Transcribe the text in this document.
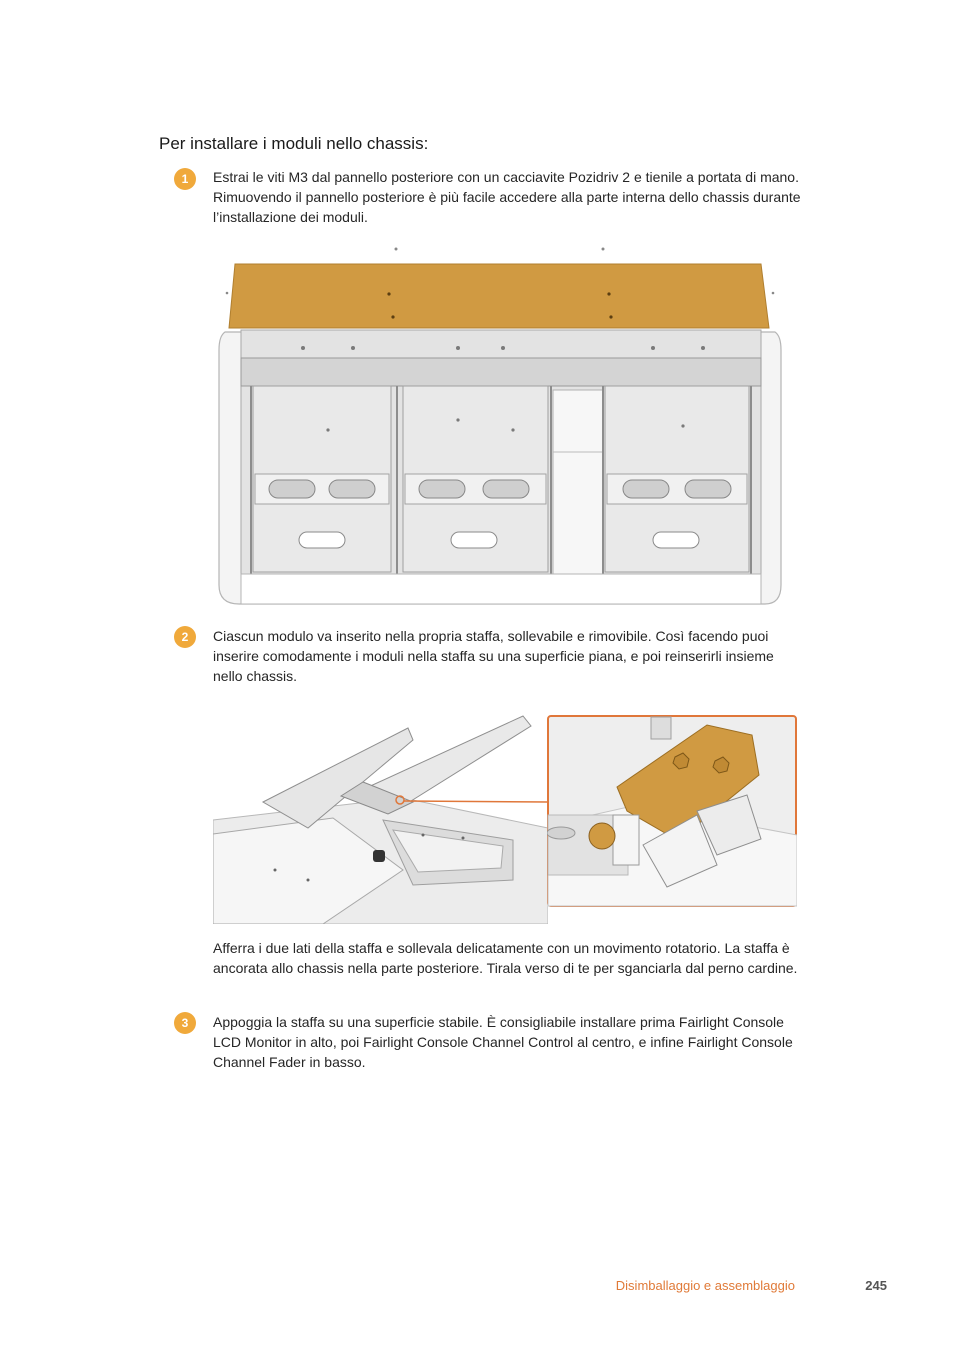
Per installare i moduli nello chassis:
1	Estrai le viti M3 dal pannello posteriore con un cacciavite Pozidriv 2 e tienile a portata di mano. Rimuovendo il pannello posteriore è più facile accedere alla parte interna dello chassis durante l’installazione dei moduli.
2	Ciascun modulo va inserito nella propria staffa, sollevabile e rimovibile. Così facendo puoi inserire comodamente i moduli nella staffa su una superficie piana, e poi reinserirli insieme nello chassis.
Afferra i due lati della staffa e sollevala delicatamente con un movimento rotatorio. La staffa è ancorata allo chassis nella parte posteriore. Tirala verso di te per sganciarla dal perno cardine.
3	Appoggia la staffa su una superficie stabile. È consigliabile installare prima Fairlight Console LCD Monitor in alto, poi Fairlight Console Channel Control al centro, e infine Fairlight Console Channel Fader in basso.
Disimballaggio e assemblaggio	245
